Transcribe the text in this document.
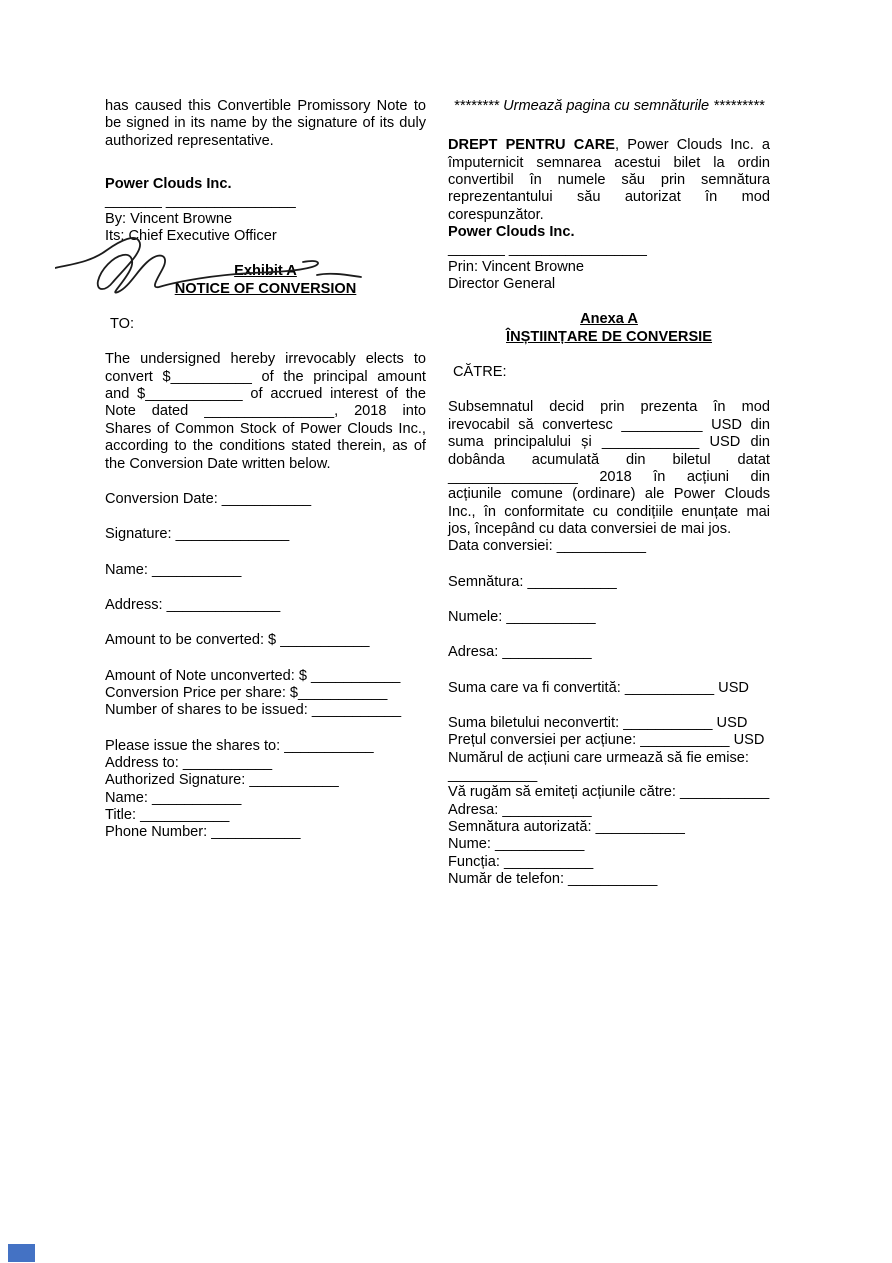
has caused this Convertible Promissory Note to
be signed in its name by the signature of its duly
authorized representative.
Power Clouds Inc.
_______ ________________
By: Vincent Browne
Its: Chief Executive Officer
Exhibit A
NOTICE OF CONVERSION
TO:
The undersigned hereby irrevocably elects to
convert $__________ of the principal amount
and $____________ of accrued interest of the
Note dated ________________, 2018 into
Shares of Common Stock of Power Clouds Inc.,
according to the conditions stated therein, as of
the Conversion Date written below.
Conversion Date: ___________
Signature: ______________
Name: ___________
Address: ______________
Amount to be converted: $ ___________
Amount of Note unconverted: $ ___________
Conversion Price per share: $___________
Number of shares to be issued: ___________
Please issue the shares to: ___________
Address to: ___________
Authorized Signature: ___________
Name: ___________
Title: ___________
Phone Number: ___________
******** Urmează pagina cu semnăturile *********
DREPT PENTRU CARE, Power Clouds Inc. a
împuternicit semnarea acestui bilet la ordin
convertibil în numele său prin semnătura
reprezentantului său autorizat în mod
corespunzător.
Power Clouds Inc.
_______ _________________
Prin: Vincent Browne
Director General
Anexa A
ÎNȘTIINȚARE DE CONVERSIE
CĂTRE:
Subsemnatul decid prin prezenta în mod
irevocabil să convertesc __________ USD din
suma principalului și ____________ USD din
dobânda acumulată din biletul datat
________________ 2018 în acțiuni din
acțiunile comune (ordinare) ale Power Clouds
Inc., în conformitate cu condițiile enunțate mai
jos, începând cu data conversiei de mai jos.
Data conversiei: ___________
Semnătura: ___________
Numele: ___________
Adresa: ___________
Suma care va fi convertită: ___________ USD
Suma biletului neconvertit: ___________ USD
Prețul conversiei per acțiune: ___________ USD
Numărul de acțiuni care urmează să fie emise:
___________
Vă rugăm să emiteți acțiunile către: ___________
Adresa: ___________
Semnătura autorizată: ___________
Nume: ___________
Funcția: ___________
Număr de telefon: ___________
